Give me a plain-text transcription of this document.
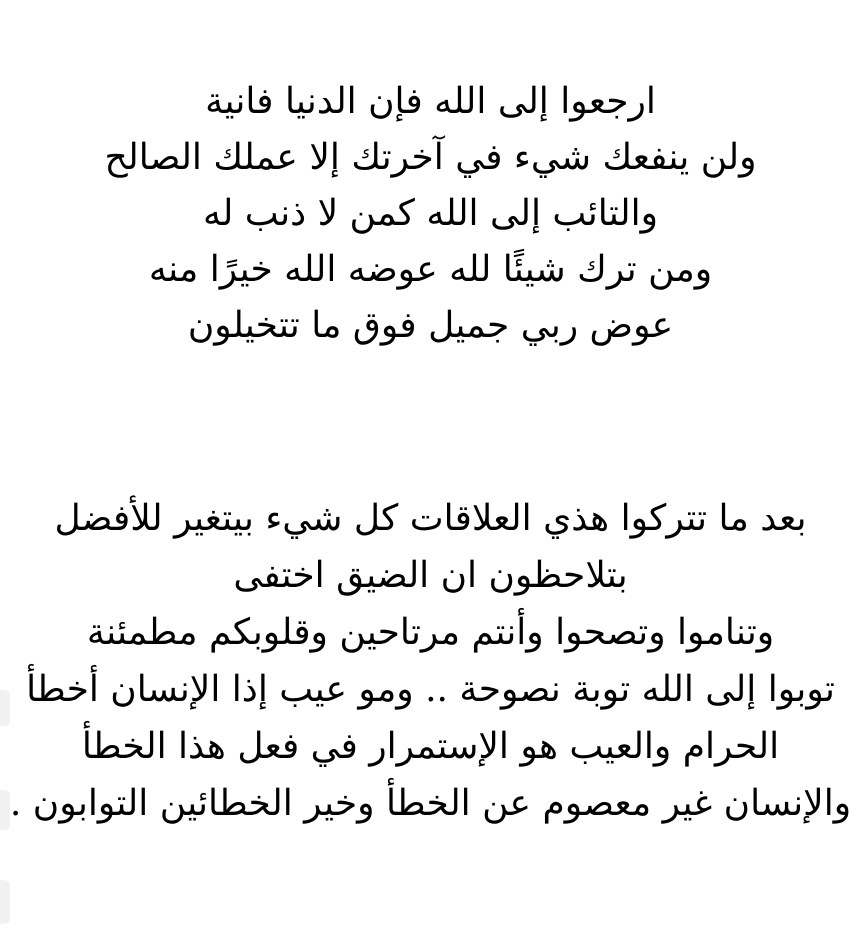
ارجعوا إلى الله فإن الدنيا فانية
ولن ينفعك شيء في آخرتك إلا عملك الصالح
والتائب إلى الله كمن لا ذنب له
ومن ترك شيئًا لله عوضه الله خيرًا منه
عوض ربي جميل فوق ما تتخيلون
بعد ما تتركوا هذي العلاقات كل شيء بيتغير للأفضل
بتلاحظون ان الضيق اختفى
وتناموا وتصحوا وأنتم مرتاحين وقلوبكم مطمئنة
توبوا إلى الله توبة نصوحة .. ومو عيب إذا الإنسان أخطأ
الحرام والعيب هو الإستمرار في فعل هذا الخطأ
والإنسان غير معصوم عن الخطأ وخير الخطائين التوابون .
